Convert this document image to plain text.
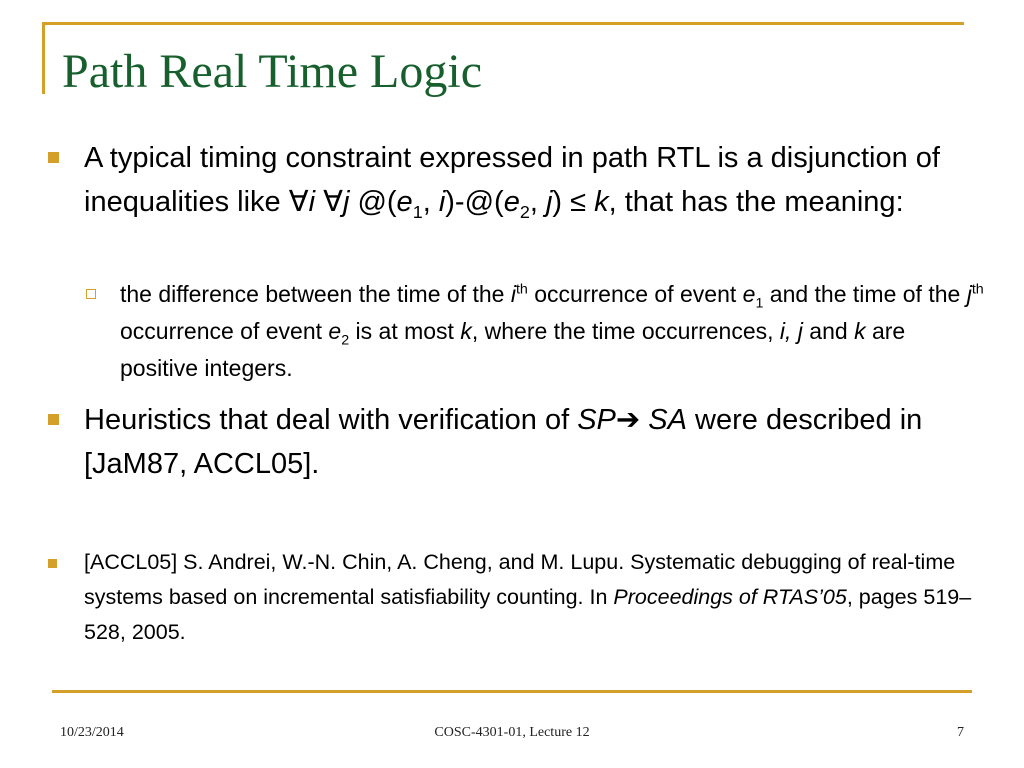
Path Real Time Logic
A typical timing constraint expressed in path RTL is a disjunction of inequalities like ∀i ∀j $@(e_1$, $i)-@(e_2$, j) ≤ k, that has the meaning:
the difference between the time of the $i^{th}$ occurrence of event $e_1$ and the time of the $j^{th}$ occurrence of event $e_2$ is at most k, where the time occurrences, i, j and k are positive integers.
Heuristics that deal with verification of SP➔ SA were described in [JaM87, ACCL05].
[ACCL05] S. Andrei, W.-N. Chin, A. Cheng, and M. Lupu. Systematic debugging of real-time systems based on incremental satisfiability counting. In Proceedings of RTAS’05, pages 519–528, 2005.
10/23/2014	COSC-4301-01, Lecture 12	7
